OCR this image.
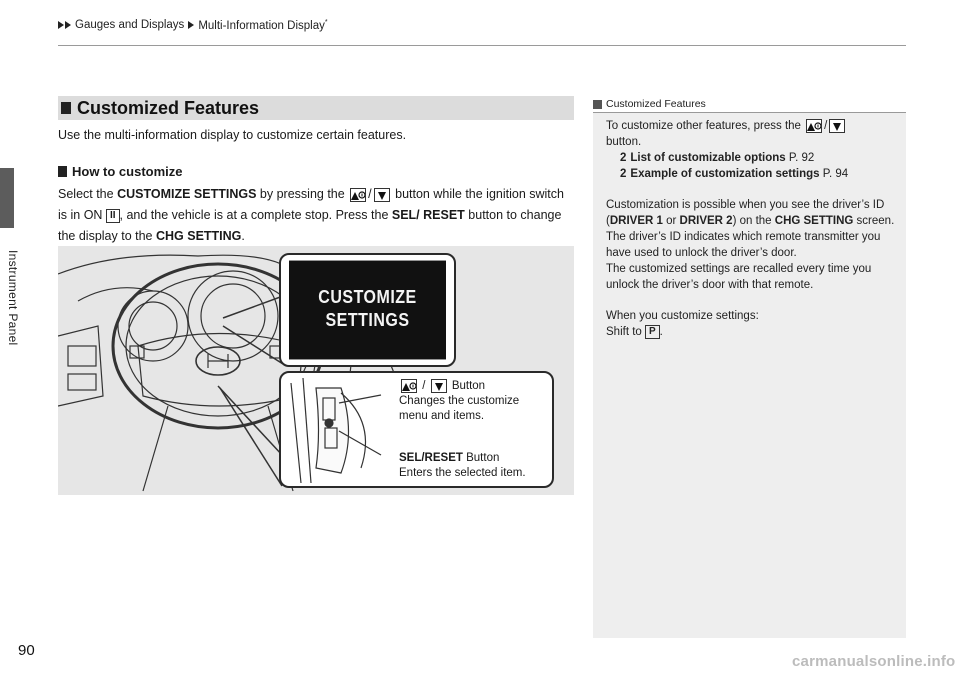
Instrument Panel
Gauges and Displays Multi-Information Display*
Customized Features

Use the multi-information display to customize certain features.

How to customize

Select the CUSTOMIZE SETTINGS by pressing the
/
button while the ignition switch is in ON II , and the vehicle is at a complete stop. Press the SEL/ RESET button to change the display to the CHG SETTING.

CUSTOMIZE
SETTINGS
/ Button
Changes the customize
menu and items.
SEL/RESET Button
Enters the selected item.
Customized Features

To customize other features, press the /

button.

2 List of customizable options P. 92

2 Example of customization settings P. 94

Customization is possible when you see the driver’s ID (DRIVER 1 or DRIVER 2) on the CHG SETTING screen.

The driver’s ID indicates which remote transmitter you have used to unlock the driver’s door.

The customized settings are recalled every time you unlock the driver’s door with that remote.

When you customize settings:

Shift to P .

90
carmanualsonline.info
